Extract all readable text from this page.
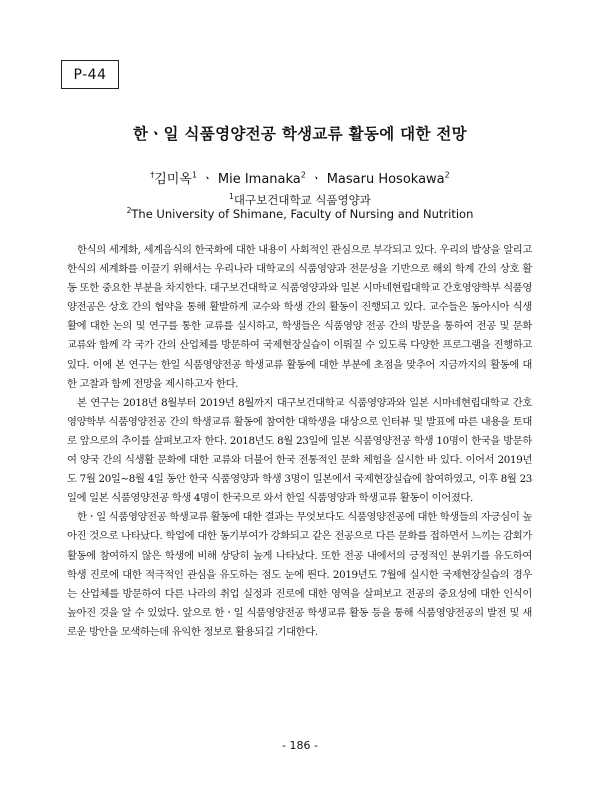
P-44
한ㆍ일 식품영양전공 학생교류 활동에 대한 전망
†김미옥$^1$ ㆍ Mie Imanaka$^2$ ㆍ Masaru Hosokawa$^2$
$^1$대구보건대학교 식품영양과
$^2$The University of Shimane, Faculty of Nursing and Nutrition

한식의 세계화, 세계음식의 한국화에 대한 내용이 사회적인 관심으로 부각되고 있다. 우리의 밥상을 알리고 한식의 세계화를 이끌기 위해서는 우리나라 대학교의 식품영양과 전문성을 기반으로 해외 학계 간의 상호 활동 또한 중요한 부분을 차지한다. 대구보건대학교 식품영양과와 일본 시마네현립대학교 간호영양학부 식품영양전공은 상호 간의 협약을 통해 활발하게 교수와 학생 간의 활동이 진행되고 있다. 교수들은 동아시아 식생활에 대한 논의 및 연구를 통한 교류를 실시하고, 학생들은 식품영양 전공 간의 방문을 통하여 전공 및 문화 교류와 함께 각 국가 간의 산업체를 방문하여 국제현장실습이 이뤄질 수 있도록 다양한 프로그램을 진행하고 있다. 이에 본 연구는 한일 식품영양전공 학생교류 활동에 대한 부분에 초점을 맞추어 지금까지의 활동에 대한 고찰과 함께 전망을 제시하고자 한다.

본 연구는 2018년 8월부터 2019년 8월까지 대구보건대학교 식품영양과와 일본 시마네현립대학교 간호영양학부 식품영양전공 간의 학생교류 활동에 참여한 대학생을 대상으로 인터뷰 및 발표에 따른 내용을 토대로 앞으로의 추이를 살펴보고자 한다. 2018년도 8월 23일에 일본 식품영양전공 학생 10명이 한국을 방문하여 양국 간의 식생활 문화에 대한 교류와 더불어 한국 전통적인 문화 체험을 실시한 바 있다. 이어서 2019년도 7월 20일~8월 4일 동안 한국 식품영양과 학생 3명이 일본에서 국제현장실습에 참여하였고, 이후 8월 23일에 일본 식품영양전공 학생 4명이 한국으로 와서 한일 식품영양과 학생교류 활동이 이어졌다.

한ㆍ일 식품영양전공 학생교류 활동에 대한 결과는 무엇보다도 식품영양전공에 대한 학생들의 자긍심이 높아진 것으로 나타났다. 학업에 대한 동기부여가 강화되고 같은 전공으로 다른 문화를 접하면서 느끼는 감회가 활동에 참여하지 않은 학생에 비해 상당히 높게 나타났다. 또한 전공 내에서의 긍정적인 분위기를 유도하여 학생 진로에 대한 적극적인 관심을 유도하는 점도 눈에 띈다. 2019년도 7월에 실시한 국제현장실습의 경우는 산업체를 방문하여 다른 나라의 취업 실정과 진로에 대한 영역을 살펴보고 전공의 중요성에 대한 인식이 높아진 것을 알 수 있었다. 앞으로 한ㆍ일 식품영양전공 학생교류 활동 등을 통해 식품영양전공의 발전 및 새로운 방안을 모색하는데 유익한 정보로 활용되길 기대한다.

- 186 -
